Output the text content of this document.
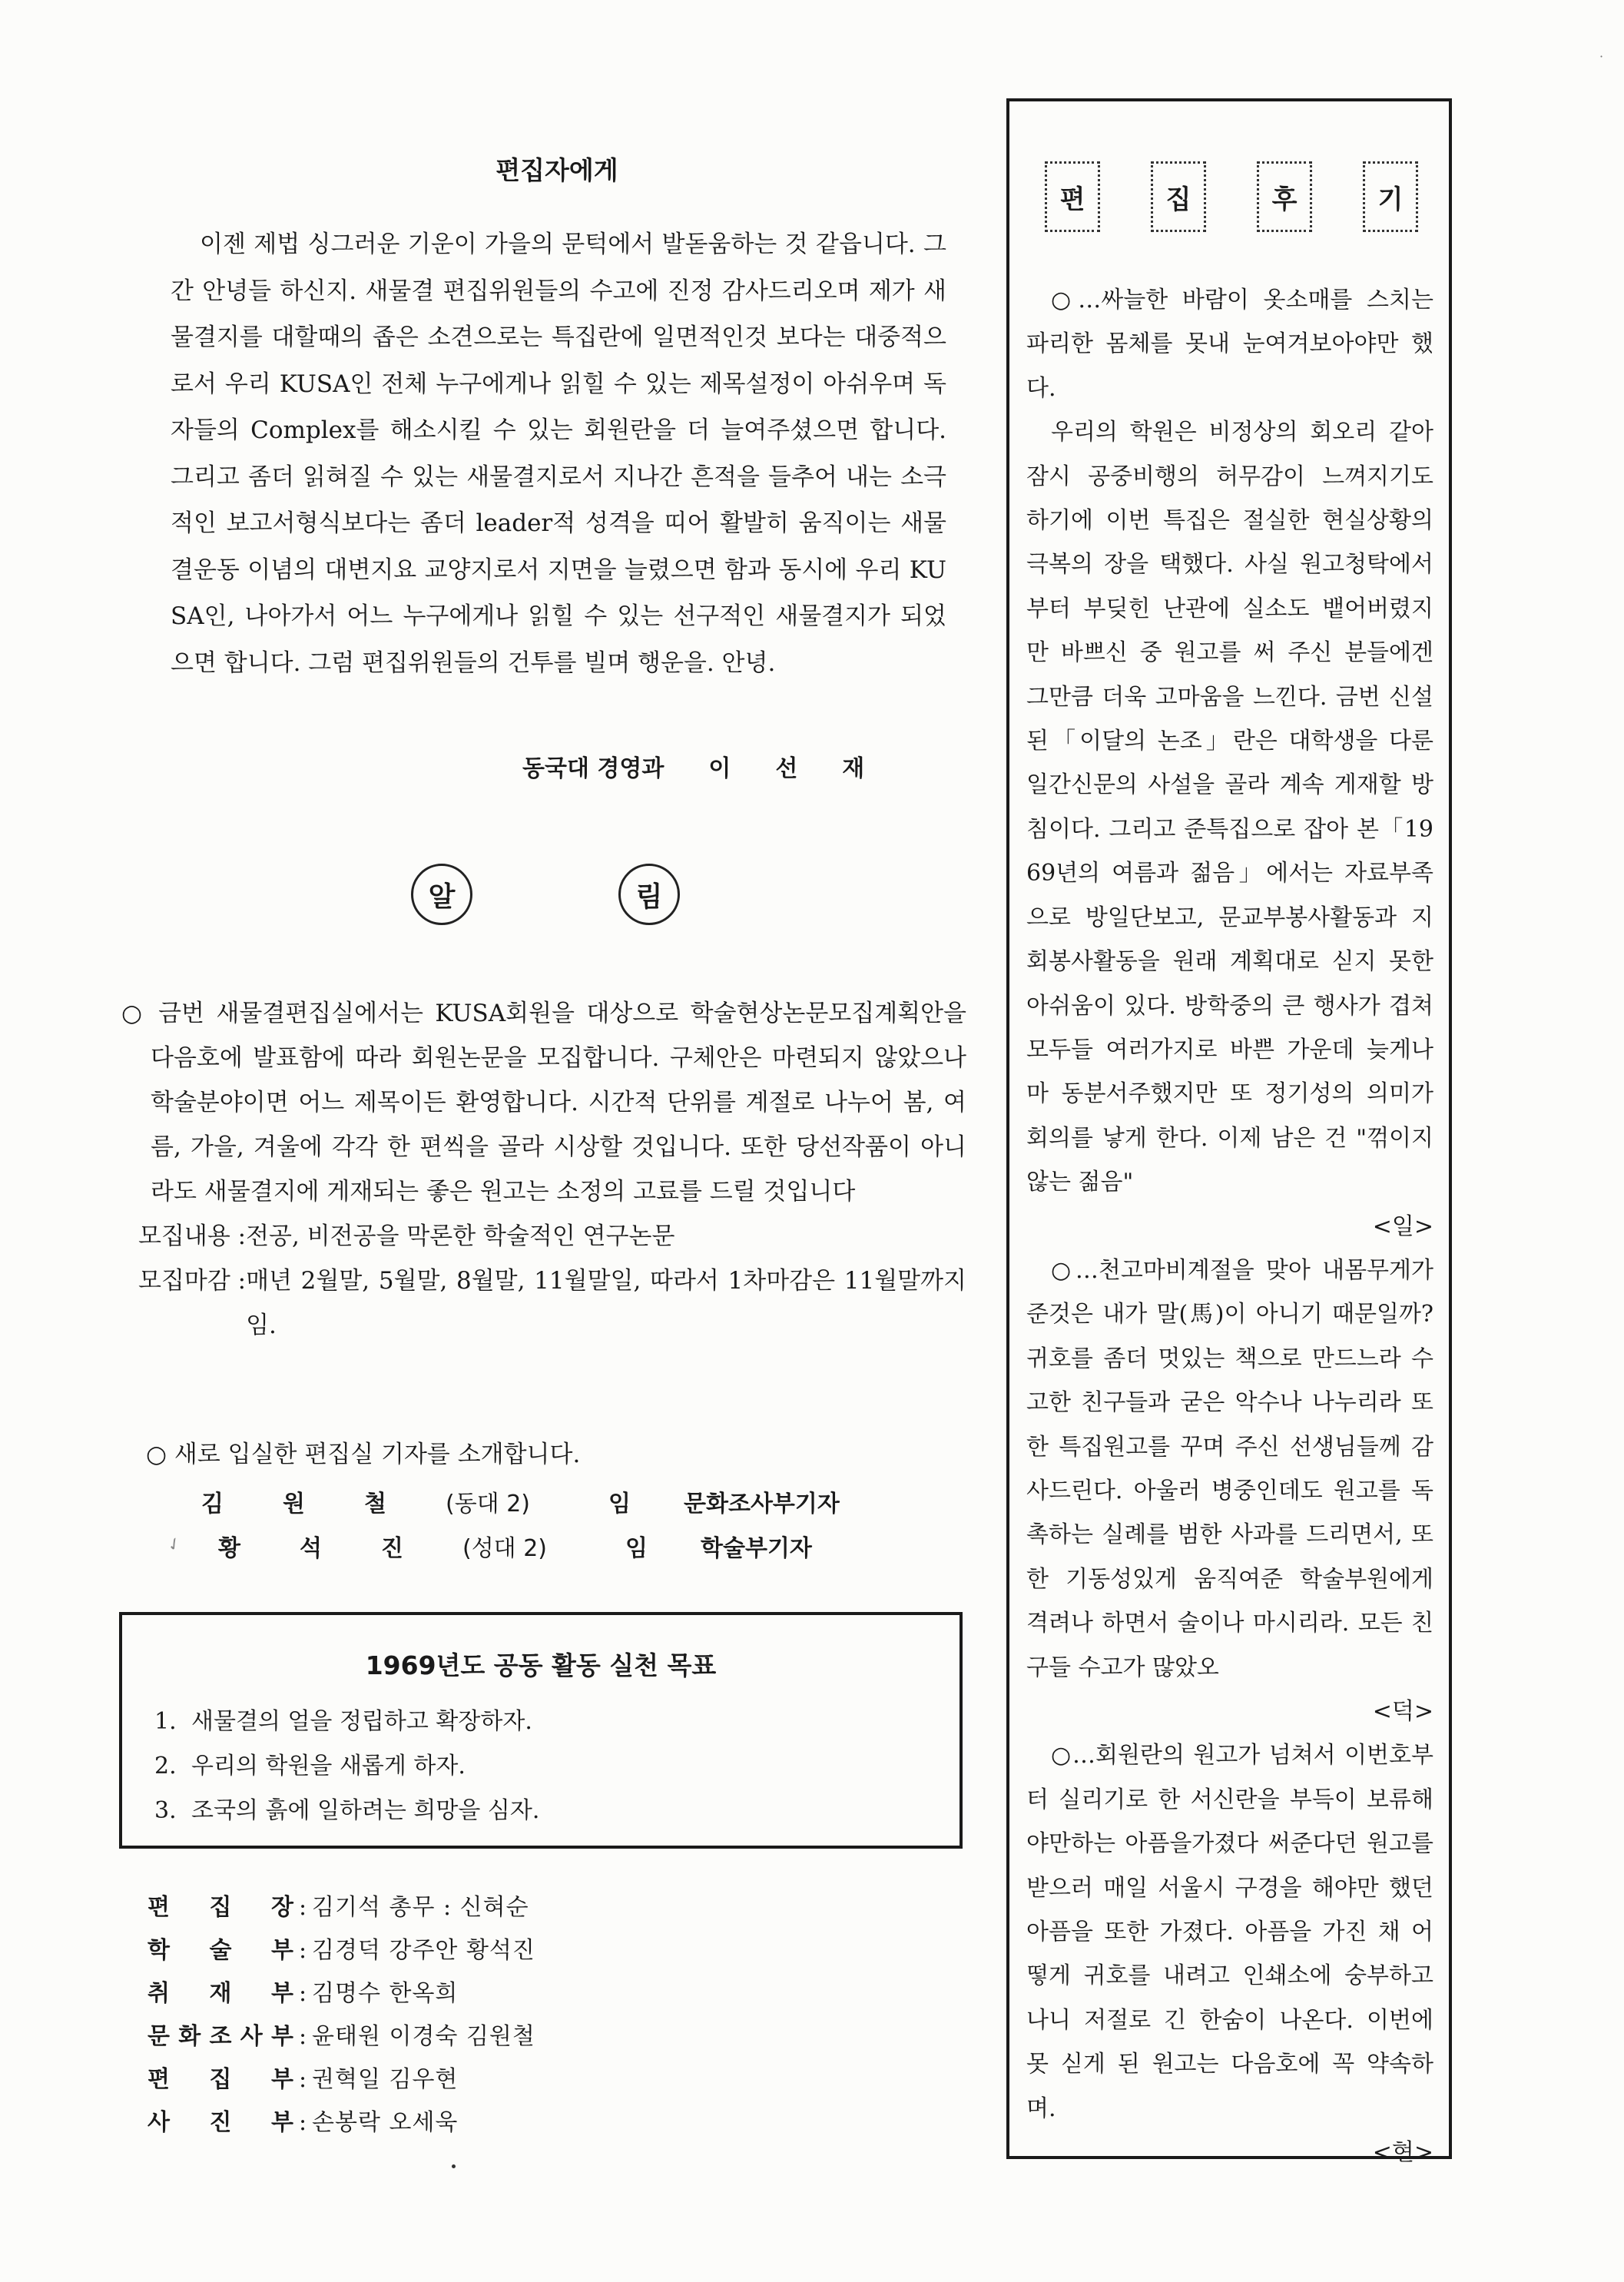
편집자에게

이젠 제법 싱그러운 기운이 가을의 문턱에서 발돋움하는 것 같읍니다. 그간 안녕들 하신지. 새물결 편집위원들의 수고에 진정 감사드리오며 제가 새물결지를 대할때의 좁은 소견으로는 특집란에 일면적인것 보다는 대중적으로서 우리 KUSA인 전체 누구에게나 읽힐 수 있는 제목설정이 아쉬우며 독자들의 Complex를 해소시킬 수 있는 회원란을 더 늘여주셨으면 합니다. 그리고 좀더 읽혀질 수 있는 새물결지로서 지나간 흔적을 들추어 내는 소극적인 보고서형식보다는 좀더 leader적 성격을 띠어 활발히 움직이는 새물결운동 이념의 대변지요 교양지로서 지면을 늘렸으면 함과 동시에 우리 KUSA인, 나아가서 어느 누구에게나 읽힐 수 있는 선구적인 새물결지가 되었으면 합니다. 그럼 편집위원들의 건투를 빌며 행운을. 안녕.

동국대 경영과 이 선 재
알	림

○ 금번 새물결편집실에서는 KUSA회원을 대상으로 학술현상논문모집계획안을 다음호에 발표함에 따라 회원논문을 모집합니다. 구체안은 마련되지 않았으나 학술분야이면 어느 제목이든 환영합니다. 시간적 단위를 계절로 나누어 봄, 여름, 가을, 겨울에 각각 한 편씩을 골라 시상할 것입니다. 또한 당선작품이 아니라도 새물결지에 게재되는 좋은 원고는 소정의 고료를 드릴 것입니다

모집내용 : 전공, 비전공을 막론한 학술적인 연구논문
모집마감 : 매년 2월말, 5월말, 8월말, 11월말일, 따라서 1차마감은 11월말까지임.
○ 새로 입실한 편집실 기자를 소개합니다.
김	원	철	(동대 2)	임 문화조사부기자
✓ 황	석	진	(성대 2)	임 학술부기자
1969년도 공동 활동 실천 목표
1. 새물결의 얼을 정립하고 확장하자.
2. 우리의 학원을 새롭게 하자.
3. 조국의 흙에 일하려는 희망을 심자.
편 집 장 : 김기석 총무 : 신혀순
학 술 부 : 김경덕 강주안 황석진
취 재 부 : 김명수 한옥희
문 화 조 사 부 : 윤태원 이경숙 김원철
편 집 부 : 권혁일 김우현
사 진 부 : 손봉락 오세욱
편	집	후	기

○…싸늘한 바람이 옷소매를 스치는 파리한 몸체를 못내 눈여겨보아야만 했다.

우리의 학원은 비정상의 회오리 같아 잠시 공중비행의 허무감이 느껴지기도 하기에 이번 특집은 절실한 현실상황의 극복의 장을 택했다. 사실 원고청탁에서부터 부딪힌 난관에 실소도 뱉어버렸지만 바쁘신 중 원고를 써 주신 분들에겐 그만큼 더욱 고마움을 느낀다. 금번 신설된「이달의 논조」란은 대학생을 다룬 일간신문의 사설을 골라 계속 게재할 방침이다. 그리고 준특집으로 잡아 본「1969년의 여름과 젊음」에서는 자료부족으로 방일단보고, 문교부봉사활동과 지회봉사활동을 원래 계획대로 싣지 못한 아쉬움이 있다. 방학중의 큰 행사가 겹쳐 모두들 여러가지로 바쁜 가운데 늦게나마 동분서주했지만 또 정기성의 의미가 회의를 낳게 한다. 이제 남은 건 "꺾이지 않는 젊음"
<일>

○…천고마비계절을 맞아 내몸무게가 준것은 내가 말(馬)이 아니기 때문일까? 귀호를 좀더 멋있는 책으로 만드느라 수고한 친구들과 굳은 악수나 나누리라 또한 특집원고를 꾸며 주신 선생님들께 감사드린다. 아울러 병중인데도 원고를 독촉하는 실례를 범한 사과를 드리면서, 또한 기동성있게 움직여준 학술부원에게 격려나 하면서 술이나 마시리라. 모든 친구들 수고가 많았오
<덕>

○…회원란의 원고가 넘쳐서 이번호부터 실리기로 한 서신란을 부득이 보류해야만하는 아픔을가졌다 써준다던 원고를 받으러 매일 서울시 구경을 해야만 했던 아픔을 또한 가졌다. 아픔을 가진 채 어떻게 귀호를 내려고 인쇄소에 숭부하고 나니 저절로 긴 한숨이 나온다. 이번에 못 싣게 된 원고는 다음호에 꼭 약속하며.
<현>

·
